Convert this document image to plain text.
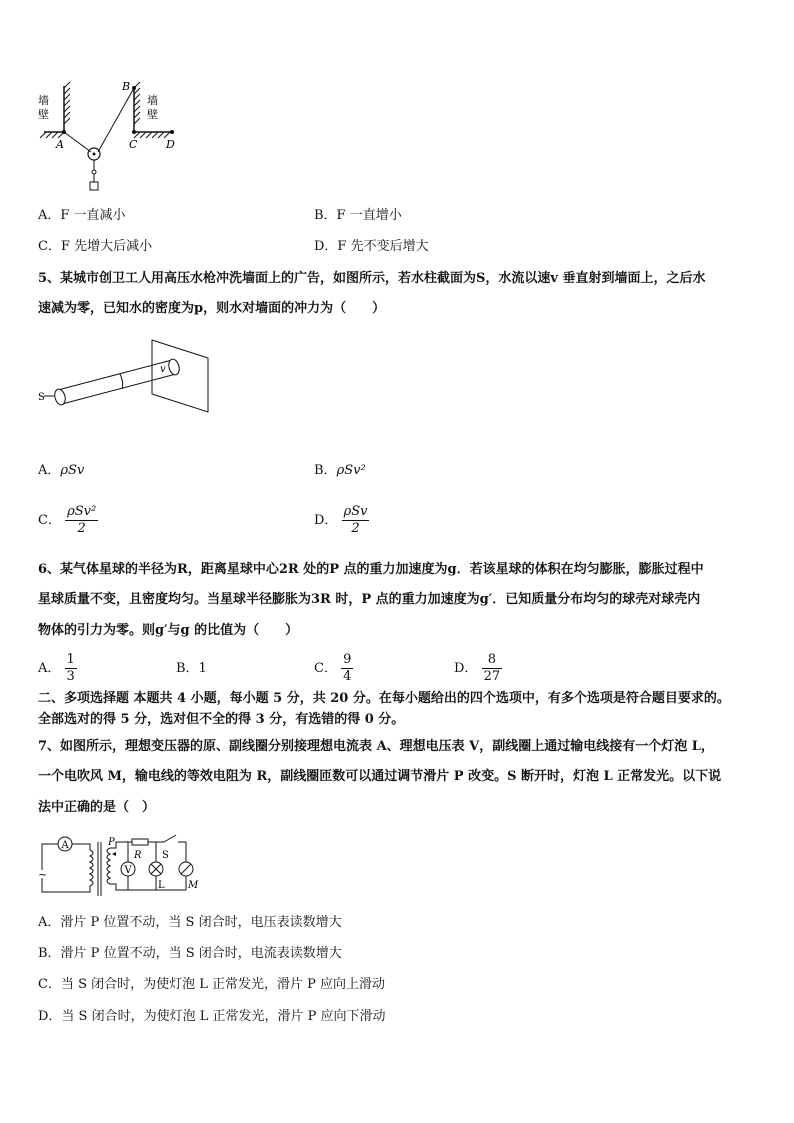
墙
壁
墙
壁
A
B
C	D
A．F 一直减小	B．F 一直增小
C．F 先增大后减小	D．F 先不变后增大
5、某城市创卫工人用高压水枪冲洗墙面上的广告，如图所示，若水柱截面为S，水流以速v 垂直射到墙面上，之后水
速减为零，已知水的密度为p，则水对墙面的冲力为（　　）
S
v
A．ρSv	B．ρSv²
C． $\frac{\text{ρSv²}}{2}$	D． $\frac{\text{ρSv}}{2}$
6、某气体星球的半径为R，距离星球中心2R 处的P 点的重力加速度为g．若该星球的体积在均匀膨胀，膨胀过程中
星球质量不变，且密度均匀。当星球半径膨胀为3R 时，P 点的重力加速度为g′．已知质量分布均匀的球壳对球壳内
物体的引力为零。则g′与g 的比值为（　　）
A． $\frac{1}{3}$	B．1	C． $\frac{9}{4}$	D． $\frac{8}{27}$
二、多项选择题 本题共 4 小题，每小题 5 分，共 20 分。在每小题给出的四个选项中，有多个选项是符合题目要求的。
全部选对的得 5 分，选对但不全的得 3 分，有选错的得 0 分。
7、如图所示，理想变压器的原、副线圈分别接理想电流表 A、理想电压表 V，副线圈上通过输电线接有一个灯泡 L，
一个电吹风 M，输电线的等效电阻为 R，副线圈匝数可以通过调节滑片 P 改变。S 断开时，灯泡 L 正常发光。以下说
法中正确的是（　）
A
~
P
R S
V
L M
A．滑片 P 位置不动，当 S 闭合时，电压表读数增大
B．滑片 P 位置不动，当 S 闭合时，电流表读数增大
C．当 S 闭合时，为使灯泡 L 正常发光，滑片 P 应向上滑动
D．当 S 闭合时，为使灯泡 L 正常发光，滑片 P 应向下滑动
